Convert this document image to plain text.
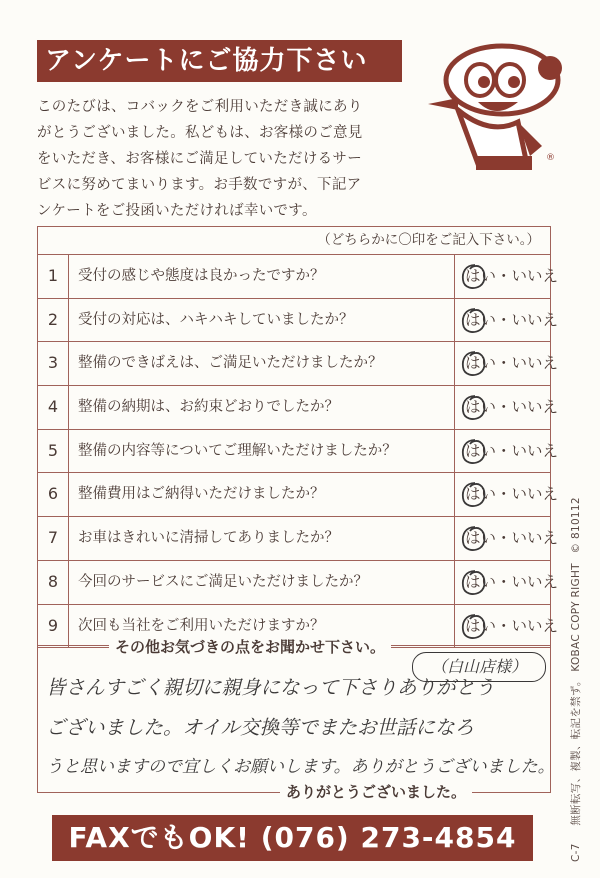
アンケートにご協力下さい
®
このたびは、コバックをご利用いただき誠にあり
がとうございました。私どもは、お客様のご意見
をいただき、お客様にご満足していただけるサー
ビスに努めてまいります。お手数ですが、下記ア
ンケートをご投函いただければ幸いです。
（どちらかに〇印をご記入下さい。）
1	受付の感じや態度は良かったですか？	はい・いいえ
2	受付の対応は、ハキハキしていましたか？	はい・いいえ
3	整備のできばえは、ご満足いただけましたか？	はい・いいえ
4	整備の納期は、お約束どおりでしたか？	はい・いいえ
5	整備の内容等についてご理解いただけましたか？	はい・いいえ
6	整備費用はご納得いただけましたか？	はい・いいえ
7	お車はきれいに清掃してありましたか？	はい・いいえ
8	今回のサービスにご満足いただけましたか？	はい・いいえ
9	次回も当社をご利用いただけますか？	はい・いいえ
その他お気づきの点をお聞かせ下さい。
（白山店様）
皆さんすごく親切に親身になって下さりありがとう
ございました。オイル交換等でまたお世話になろ
うと思いますので宜しくお願いします。ありがとうございました。
ありがとうございました。
FAXでもOK! (076) 273-4854	C-7 無断転写、複製、転記を禁ず。 KOBAC COPY RIGHT © 810112
